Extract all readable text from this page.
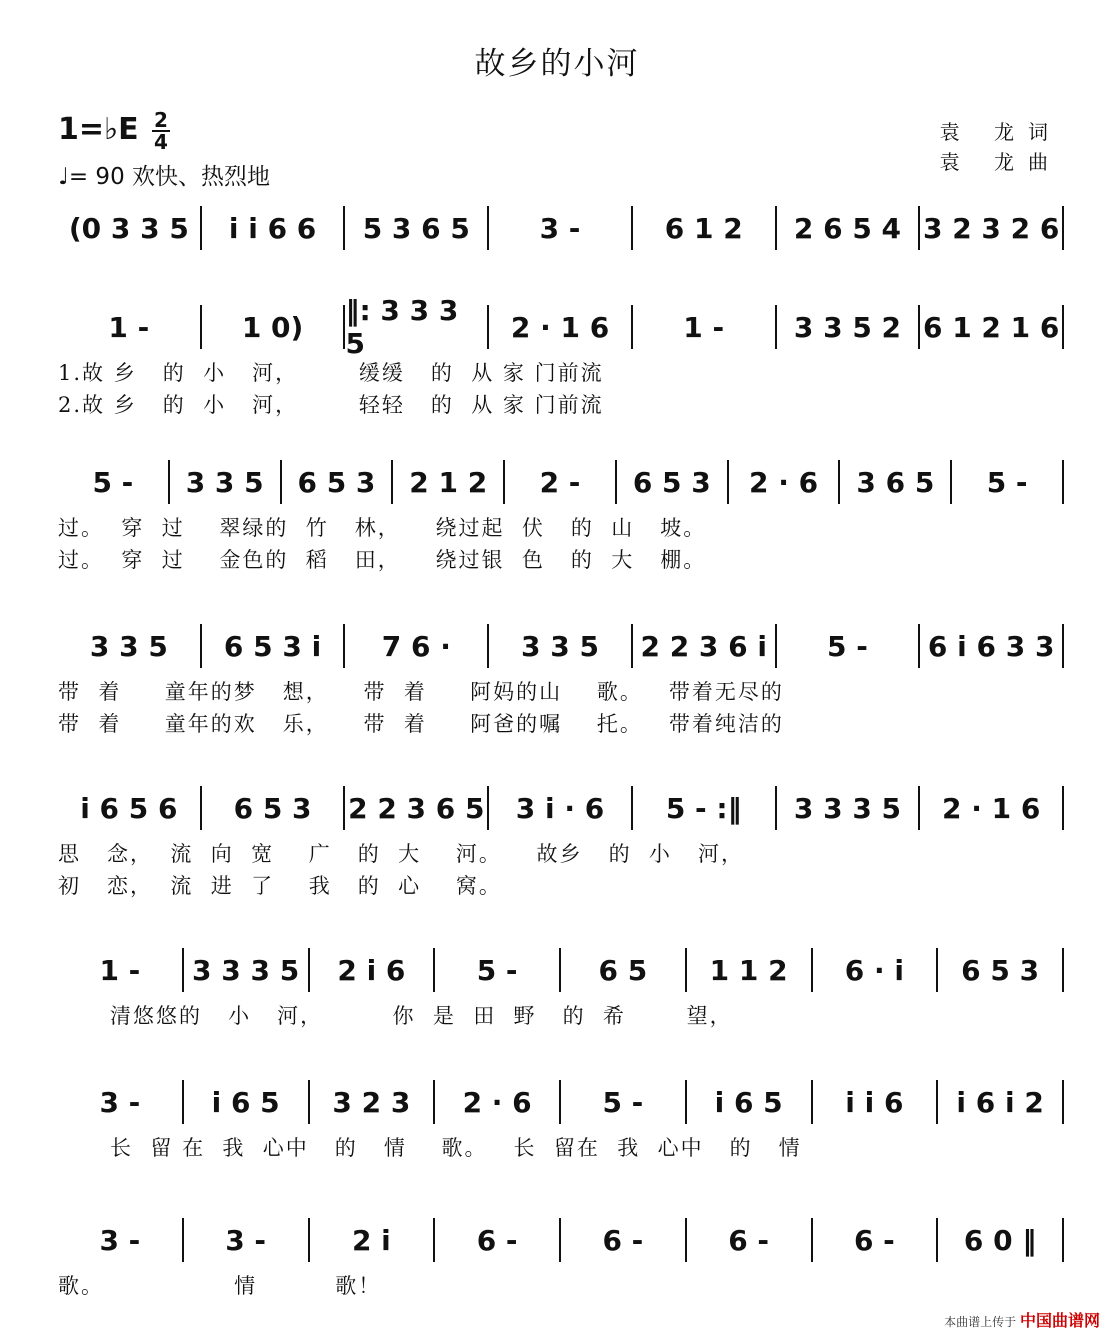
故乡的小河
1=♭E 2
4
♩= 90 欢快、热烈地
袁 龙词
袁 龙曲
(0 3 3 5	i i 6 6	5 3 6 5	3 -	6 1 2	2 6 5 4 3 2 3 2 6
1 -	1 0)	‖: 3 3 3 5	2 · 1 6	1 -	3 3 5 2 6 1 2 1 6
1.故 乡   的  小   河，       缓缓   的  从 家 门前流
2.故 乡   的  小   河，       轻轻   的  从 家 门前流
5 -	3 3 5	6 5 3	2 1 2	2 -	6 5 3	2 · 6	3 6 5	5 -
过。  穿  过    翠绿的  竹   林，    绕过起  伏   的  山   坡。
过。  穿  过    金色的  稻   田，    绕过银  色   的  大   棚。
3 3 5	6 5 3 i	7 6 ·	3 3 5	2 2 3 6 i	5 -	6 i 6 3 3
带  着     童年的梦   想，    带  着     阿妈的山    歌。   带着无尽的
带  着     童年的欢   乐，    带  着     阿爸的嘱    托。   带着纯洁的
i 6 5 6	6 5 3	2 2 3 6 5	3 i · 6	5 - :‖	3 3 3 5	2 · 1 6
思   念，  流  向  宽    广   的  大    河。    故乡   的  小   河，
初   恋，  流  进  了    我   的  心    窝。
1 -	3 3 3 5	2 i 6	5 -	6 5	1 1 2	6 · i	6 5 3
清悠悠的   小   河，        你  是  田  野   的  希       望，
3 -	i 6 5	3 2 3	2 · 6	5 -	i 6 5	i i 6	i 6 i 2
长  留 在  我  心中   的   情    歌。   长  留在  我  心中   的   情
3 -	3 -	2 i	6 -	6 -	6 -	6 -	6 0 ‖
歌。               情         歌！
本曲谱上传于 中国曲谱网
